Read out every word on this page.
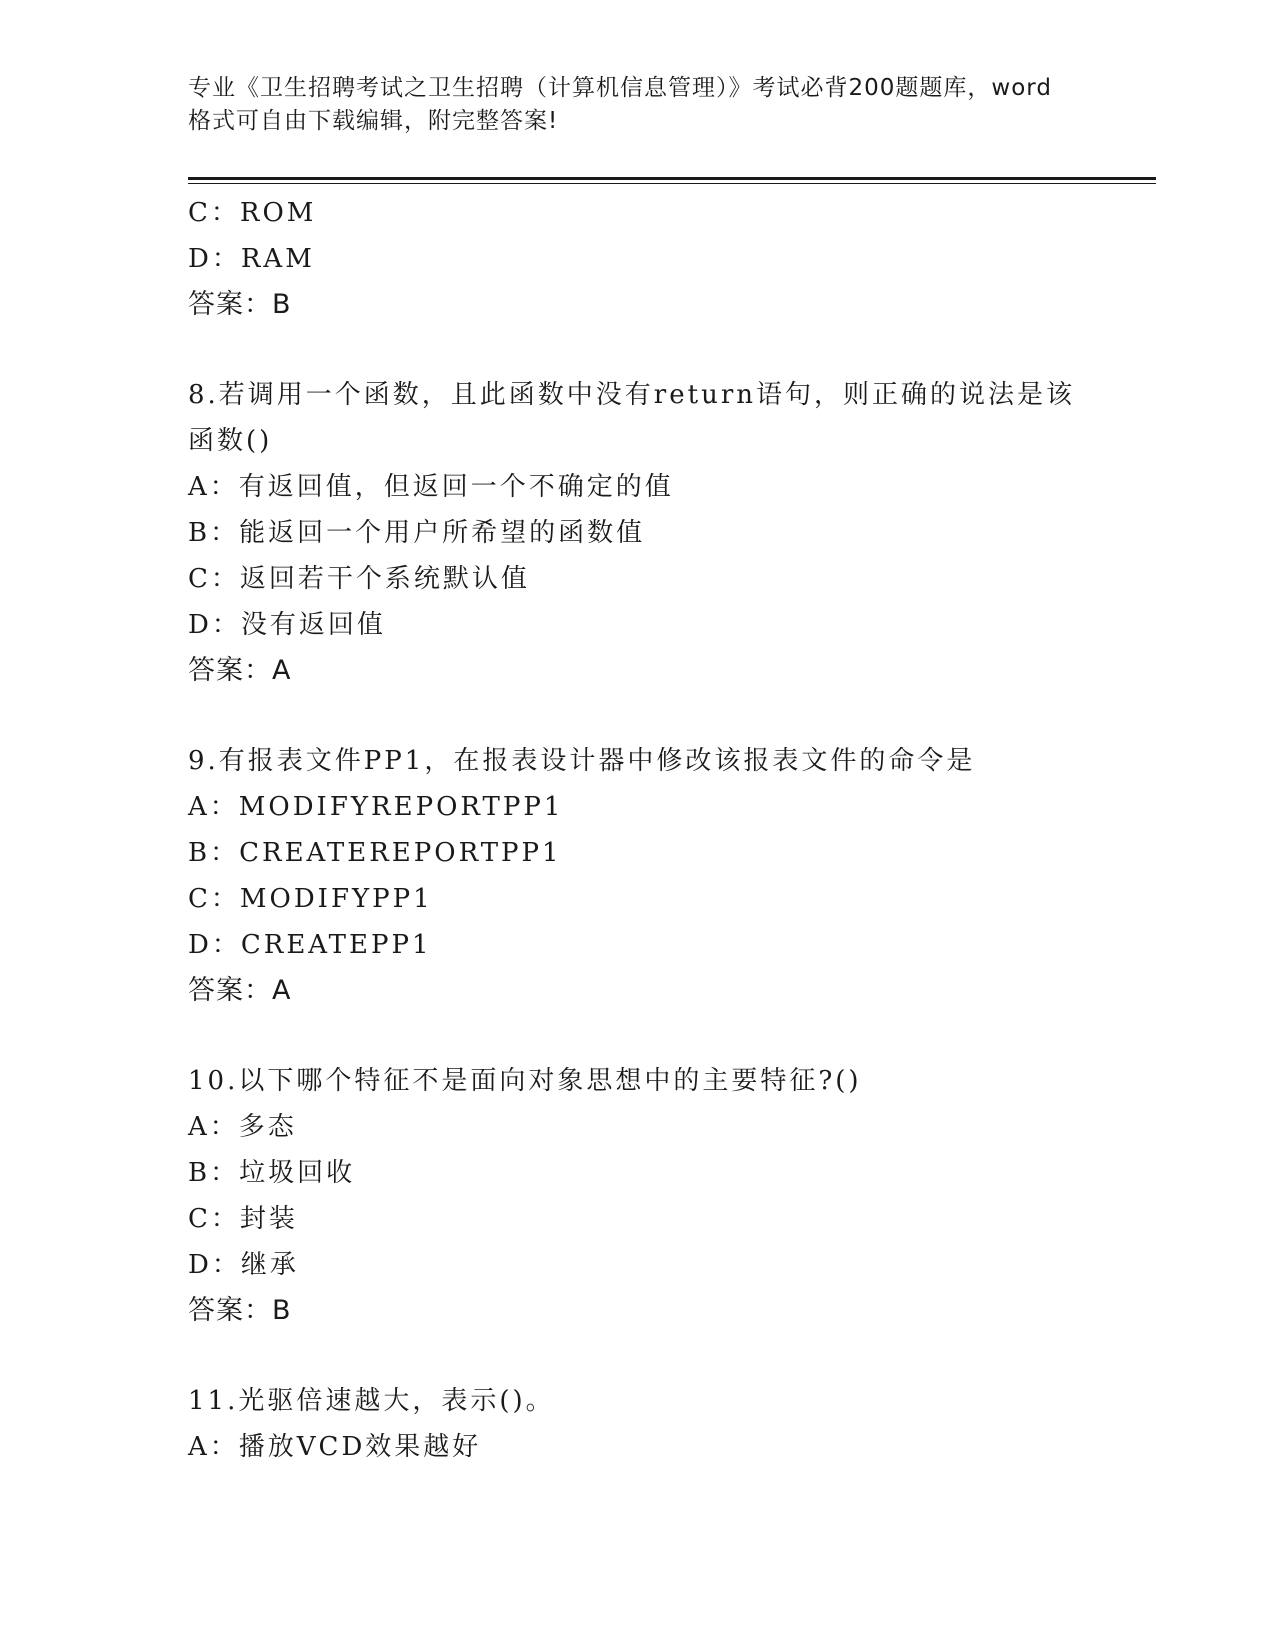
专业《卫生招聘考试之卫生招聘（计算机信息管理）》考试必背200题题库，word
格式可自由下载编辑，附完整答案!
C：ROM
D：RAM
答案：B
8.若调用一个函数，且此函数中没有return语句，则正确的说法是该
函数()
A：有返回值，但返回一个不确定的值
B：能返回一个用户所希望的函数值
C：返回若干个系统默认值
D：没有返回值
答案：A
9.有报表文件PP1，在报表设计器中修改该报表文件的命令是
A：MODIFYREPORTPP1
B：CREATEREPORTPP1
C：MODIFYPP1
D：CREATEPP1
答案：A
10.以下哪个特征不是面向对象思想中的主要特征?()
A：多态
B：垃圾回收
C：封装
D：继承
答案：B
11.光驱倍速越大，表示()。
A：播放VCD效果越好
